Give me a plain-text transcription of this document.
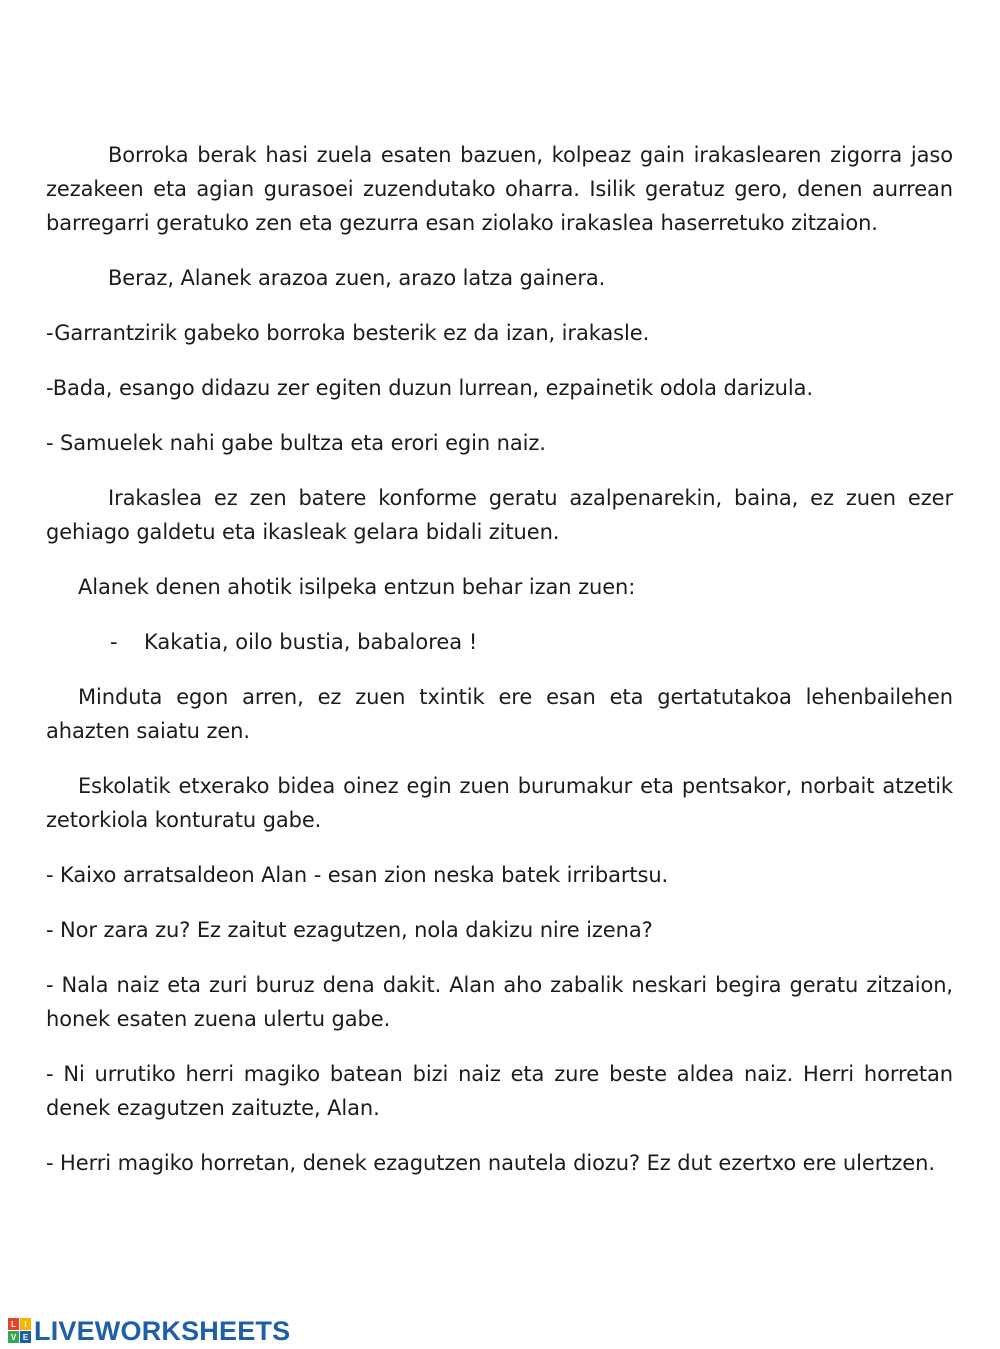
Borroka berak hasi zuela esaten bazuen, kolpeaz gain irakaslearen zigorra jaso zezakeen eta agian gurasoei zuzendutako oharra. Isilik geratuz gero, denen aurrean barregarri geratuko zen eta gezurra esan ziolako irakaslea haserretuko zitzaion.

Beraz, Alanek arazoa zuen, arazo latza gainera.

-Garrantzirik gabeko borroka besterik ez da izan, irakasle.

-Bada, esango didazu zer egiten duzun lurrean, ezpainetik odola darizula.

- Samuelek nahi gabe bultza eta erori egin naiz.

Irakaslea ez zen batere konforme geratu azalpenarekin, baina, ez zuen ezer gehiago galdetu eta ikasleak gelara bidali zituen.

Alanek denen ahotik isilpeka entzun behar izan zuen:

-	Kakatia, oilo bustia, babalorea !

Minduta egon arren, ez zuen txintik ere esan eta gertatutakoa lehenbailehen ahazten saiatu zen.

Eskolatik etxerako bidea oinez egin zuen burumakur eta pentsakor, norbait atzetik zetorkiola konturatu gabe.

- Kaixo arratsaldeon Alan - esan zion neska batek irribartsu.

- Nor zara zu? Ez zaitut ezagutzen, nola dakizu nire izena?

- Nala naiz eta zuri buruz dena dakit. Alan aho zabalik neskari begira geratu zitzaion, honek esaten zuena ulertu gabe.

- Ni urrutiko herri magiko batean bizi naiz eta zure beste aldea naiz. Herri horretan denek ezagutzen zaituzte, Alan.

- Herri magiko horretan, denek ezagutzen nautela diozu? Ez dut ezertxo ere ulertzen.

L I
V E LIVEWORKSHEETS
